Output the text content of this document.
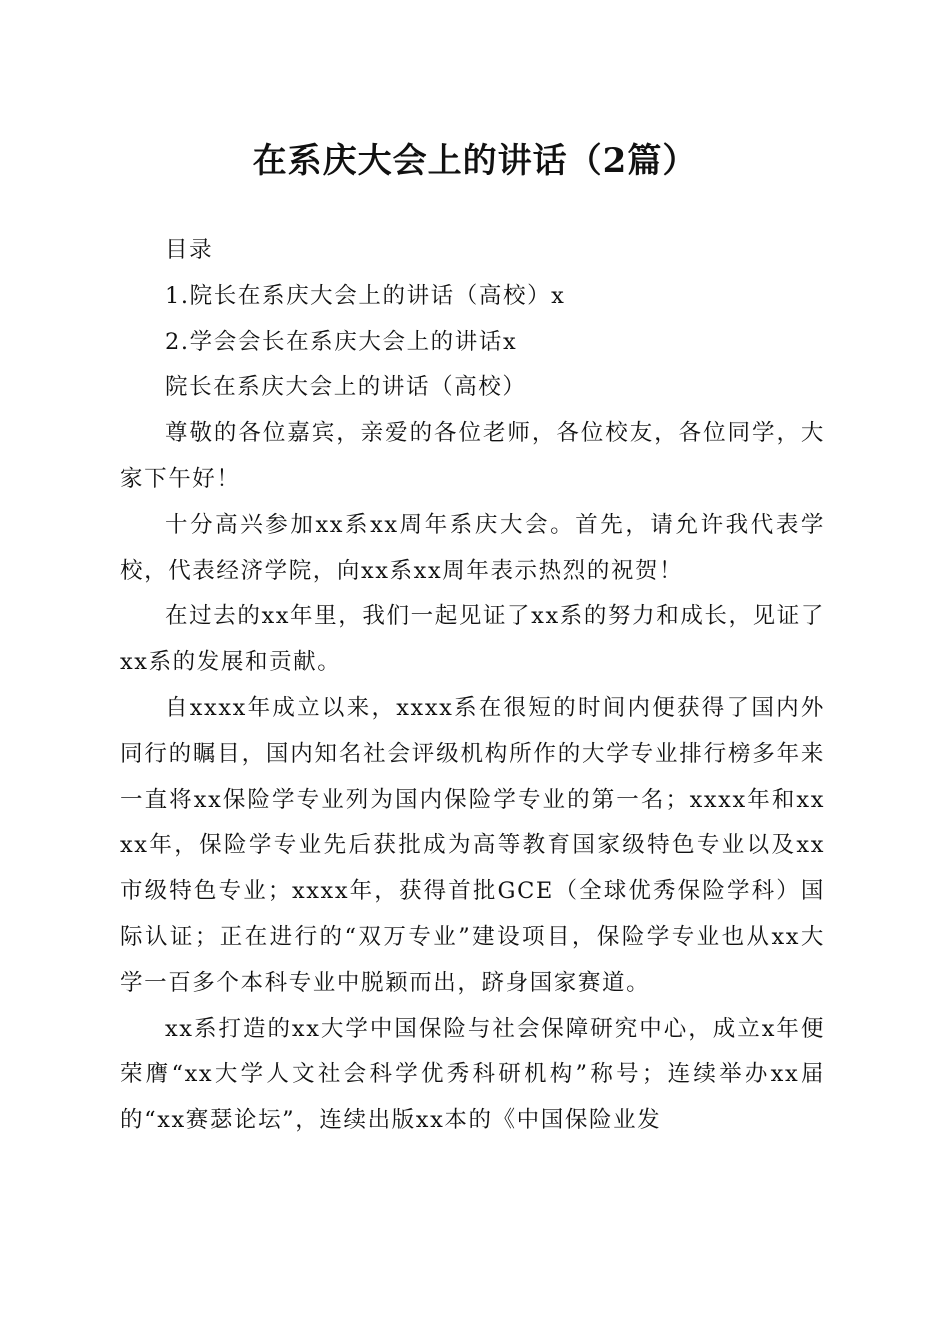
在系庆大会上的讲话（2篇）

目录

1.院长在系庆大会上的讲话（高校）x

2.学会会长在系庆大会上的讲话x

院长在系庆大会上的讲话（高校）

尊敬的各位嘉宾，亲爱的各位老师，各位校友，各位同学，大家下午好！

十分高兴参加xx系xx周年系庆大会。首先，请允许我代表学校，代表经济学院，向xx系xx周年表示热烈的祝贺！

在过去的xx年里，我们一起见证了xx系的努力和成长，见证了xx系的发展和贡献。

自xxxx年成立以来，xxxx系在很短的时间内便获得了国内外同行的瞩目，国内知名社会评级机构所作的大学专业排行榜多年来一直将xx保险学专业列为国内保险学专业的第一名；xxxx年和xxxx年，保险学专业先后获批成为高等教育国家级特色专业以及xx市级特色专业；xxxx年，获得首批GCE（全球优秀保险学科）国际认证；正在进行的“双万专业”建设项目，保险学专业也从xx大学一百多个本科专业中脱颖而出，跻身国家赛道。

xx系打造的xx大学中国保险与社会保障研究中心，成立x年便荣膺“xx大学人文社会科学优秀科研机构”称号；连续举办xx届的“xx赛瑟论坛”，连续出版xx本的《中国保险业发
